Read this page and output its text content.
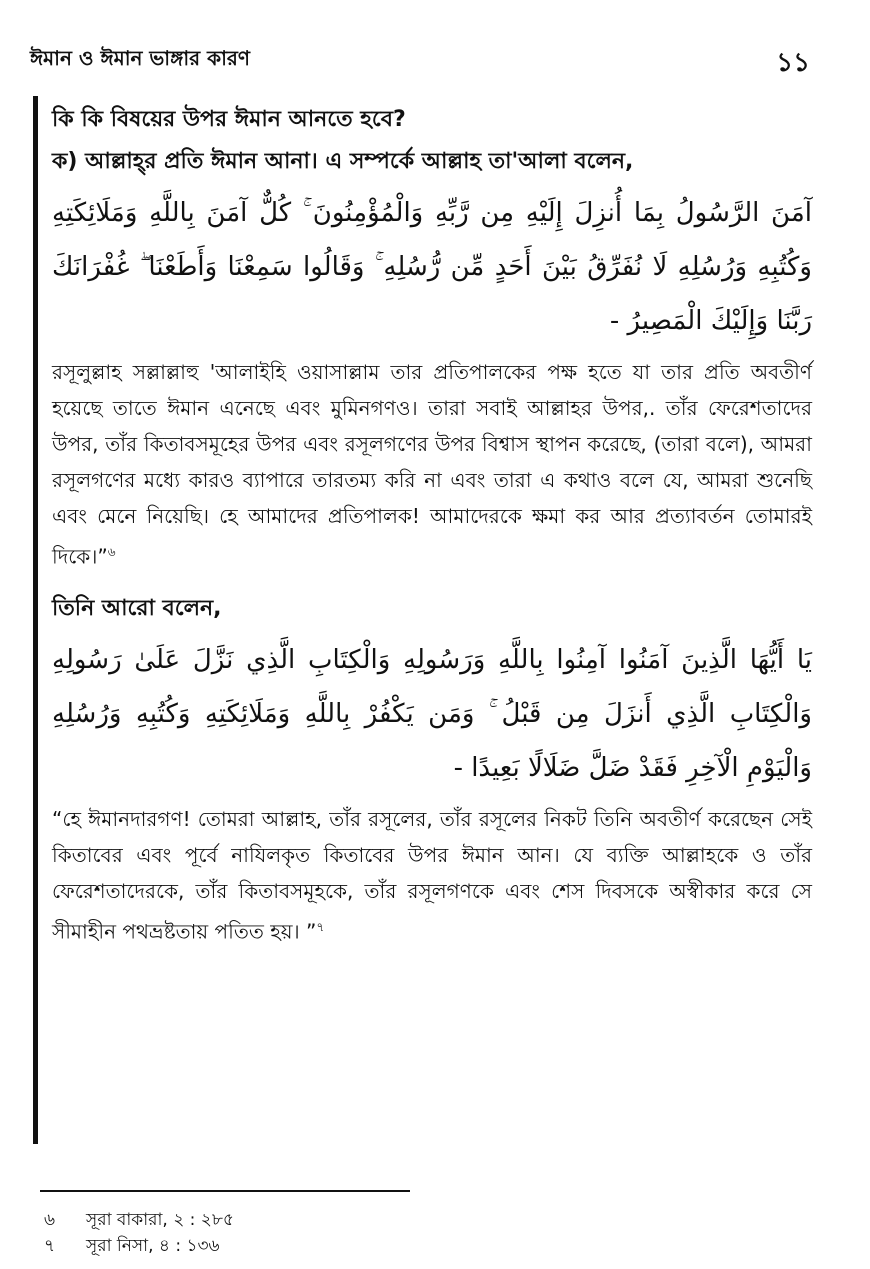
ঈমান ও ঈমান ভাঙ্গার কারণ	১১

কি কি বিষয়ের উপর ঈমান আনতে হবে?

ক) আল্লাহ্‌র প্রতি ঈমান আনা। এ সম্পর্কে আল্লাহ তা'আলা বলেন,

آمَنَ الرَّسُولُ بِمَا أُنزِلَ إِلَيْهِ مِن رَّبِّهِ وَالْمُؤْمِنُونَ ۚ كُلٌّ آمَنَ بِاللَّهِ وَمَلَائِكَتِهِ وَكُتُبِهِ وَرُسُلِهِ لَا نُفَرِّقُ بَيْنَ أَحَدٍ مِّن رُّسُلِهِ ۚ وَقَالُوا سَمِعْنَا وَأَطَعْنَا ۖ غُفْرَانَكَ رَبَّنَا وَإِلَيْكَ الْمَصِيرُ -

রসূলুল্লাহ সল্লাল্লাহু 'আলাইহি ওয়াসাল্লাম তার প্রতিপালকের পক্ষ হতে যা তার প্রতি অবতীর্ণ হয়েছে তাতে ঈমান এনেছে এবং মুমিনগণও। তারা সবাই আল্লাহর উপর,. তাঁর ফেরেশতাদের উপর, তাঁর কিতাবসমূহের উপর এবং রসূলগণের উপর বিশ্বাস স্থাপন করেছে, (তারা বলে), আমরা রসূলগণের মধ্যে কারও ব্যাপারে তারতম্য করি না এবং তারা এ কথাও বলে যে, আমরা শুনেছি এবং মেনে নিয়েছি। হে আমাদের প্রতিপালক! আমাদেরকে ক্ষমা কর আর প্রত্যাবর্তন তোমারই দিকে।”$^৬$

তিনি আরো বলেন,

يَا أَيُّهَا الَّذِينَ آمَنُوا آمِنُوا بِاللَّهِ وَرَسُولِهِ وَالْكِتَابِ الَّذِي نَزَّلَ عَلَىٰ رَسُولِهِ وَالْكِتَابِ الَّذِي أَنزَلَ مِن قَبْلُ ۚ وَمَن يَكْفُرْ بِاللَّهِ وَمَلَائِكَتِهِ وَكُتُبِهِ وَرُسُلِهِ وَالْيَوْمِ الْآخِرِ فَقَدْ ضَلَّ ضَلَالًا بَعِيدًا -

“হে ঈমানদারগণ! তোমরা আল্লাহ, তাঁর রসূলের, তাঁর রসূলের নিকট তিনি অবতীর্ণ করেছেন সেই কিতাবের এবং পূর্বে নাযিলকৃত কিতাবের উপর ঈমান আন। যে ব্যক্তি আল্লাহকে ও তাঁর ফেরেশতাদেরকে, তাঁর কিতাবসমূহকে, তাঁর রসূলগণকে এবং শেস দিবসকে অস্বীকার করে সে সীমাহীন পথভ্রষ্টতায় পতিত হয়। ”$^৭$

৬	সূরা বাকারা, ২ : ২৮৫
৭	সূরা নিসা, ৪ : ১৩৬
